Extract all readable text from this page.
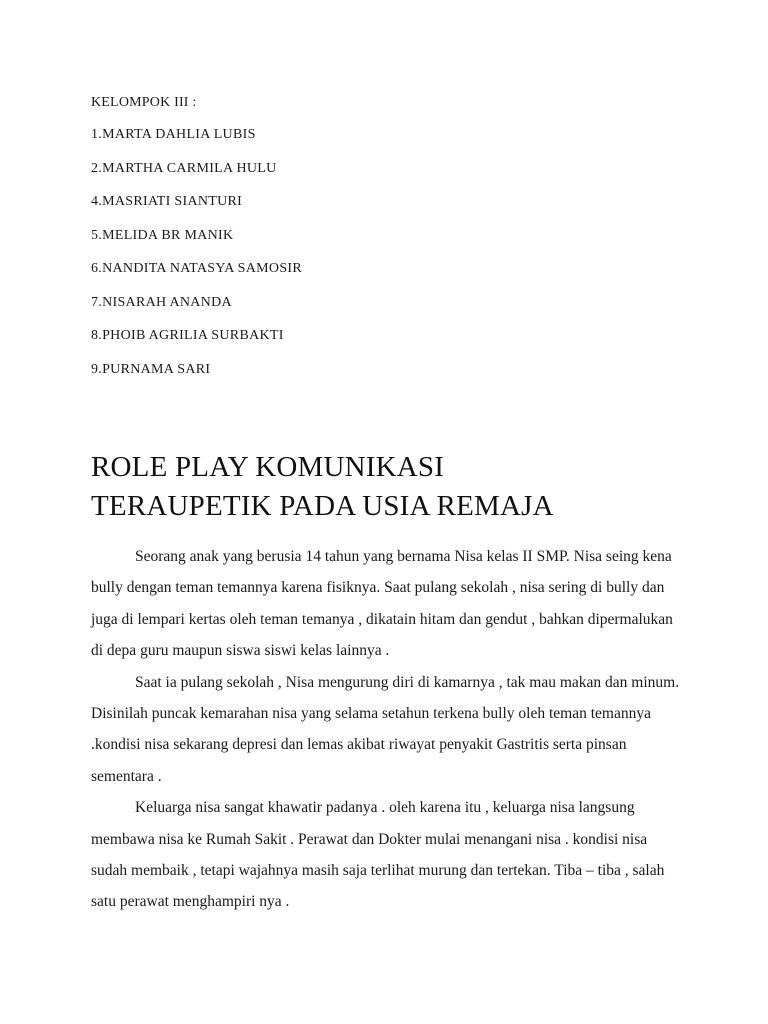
KELOMPOK III :

1.MARTA DAHLIA LUBIS
2.MARTHA CARMILA HULU
4.MASRIATI SIANTURI
5.MELIDA BR MANIK
6.NANDITA NATASYA SAMOSIR
7.NISARAH ANANDA
8.PHOIB AGRILIA SURBAKTI
9.PURNAMA SARI
ROLE PLAY KOMUNIKASI
TERAUPETIK PADA USIA REMAJA

Seorang anak yang berusia 14 tahun yang bernama Nisa kelas II SMP. Nisa seing kena bully dengan teman temannya karena fisiknya. Saat pulang sekolah , nisa sering di bully dan juga di lempari kertas oleh teman temanya , dikatain hitam dan gendut , bahkan dipermalukan di depa guru maupun siswa siswi kelas lainnya .

Saat ia pulang sekolah , Nisa mengurung diri di kamarnya , tak mau makan dan minum. Disinilah puncak kemarahan nisa yang selama setahun terkena bully oleh teman temannya .kondisi nisa sekarang depresi dan lemas akibat riwayat penyakit Gastritis serta pinsan sementara .

Keluarga nisa sangat khawatir padanya . oleh karena itu , keluarga nisa langsung membawa nisa ke Rumah Sakit . Perawat dan Dokter mulai menangani nisa . kondisi nisa sudah membaik , tetapi wajahnya masih saja terlihat murung dan tertekan. Tiba – tiba , salah satu perawat menghampiri nya .
